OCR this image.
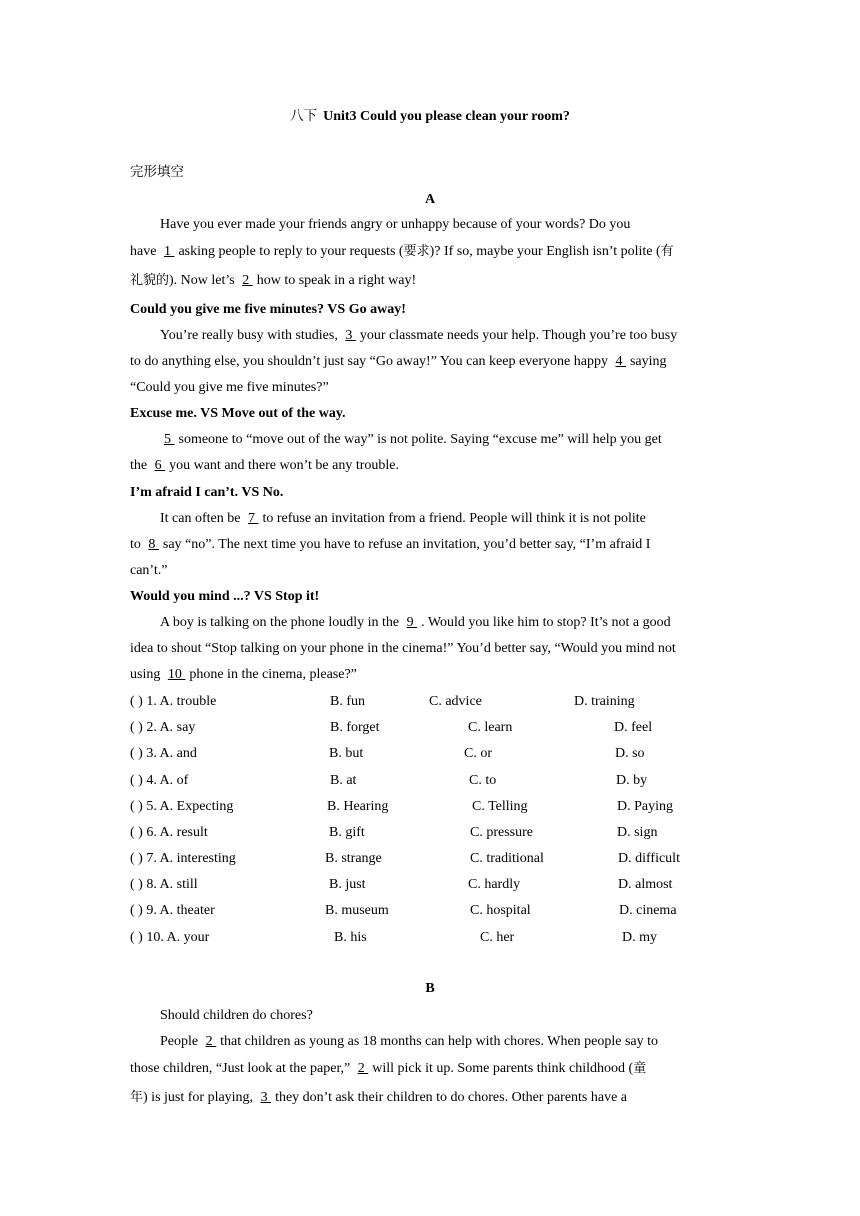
八下 Unit3 Could you please clean your room?
完形填空
A
Have you ever made your friends angry or unhappy because of your words? Do you
have 1 asking people to reply to your requests (要求)? If so, maybe your English isn’t polite (有
礼貌的). Now let’s 2 how to speak in a right way!
Could you give me five minutes? VS Go away!
You’re really busy with studies, 3 your classmate needs your help. Though you’re too busy
to do anything else, you shouldn’t just say “Go away!” You can keep everyone happy 4 saying
“Could you give me five minutes?”
Excuse me. VS Move out of the way.
5 someone to “move out of the way” is not polite. Saying “excuse me” will help you get
the 6 you want and there won’t be any trouble.
I’m afraid I can’t. VS No.
It can often be 7 to refuse an invitation from a friend. People will think it is not polite
to 8 say “no”. The next time you have to refuse an invitation, you’d better say, “I’m afraid I
can’t.”
Would you mind ...? VS Stop it!
A boy is talking on the phone loudly in the 9 . Would you like him to stop? It’s not a good
idea to shout “Stop talking on your phone in the cinema!” You’d better say, “Would you mind not
using 10 phone in the cinema, please?”
( ) 1. A. trouble	B. fun	C. advice	D. training
( ) 2. A. say	B. forget	C. learn	D. feel
( ) 3. A. and	B. but	C. or	D. so
( ) 4. A. of	B. at	C. to	D. by
( ) 5. A. Expecting	B. Hearing	C. Telling	D. Paying
( ) 6. A. result	B. gift	C. pressure	D. sign
( ) 7. A. interesting	B. strange	C. traditional	D. difficult
( ) 8. A. still	B. just	C. hardly	D. almost
( ) 9. A. theater	B. museum	C. hospital	D. cinema
( ) 10. A. your	B. his	C. her	D. my
B
Should children do chores?
People 2 that children as young as 18 months can help with chores. When people say to
those children, “Just look at the paper,” 2 will pick it up. Some parents think childhood (童
年) is just for playing, 3 they don’t ask their children to do chores. Other parents have a
